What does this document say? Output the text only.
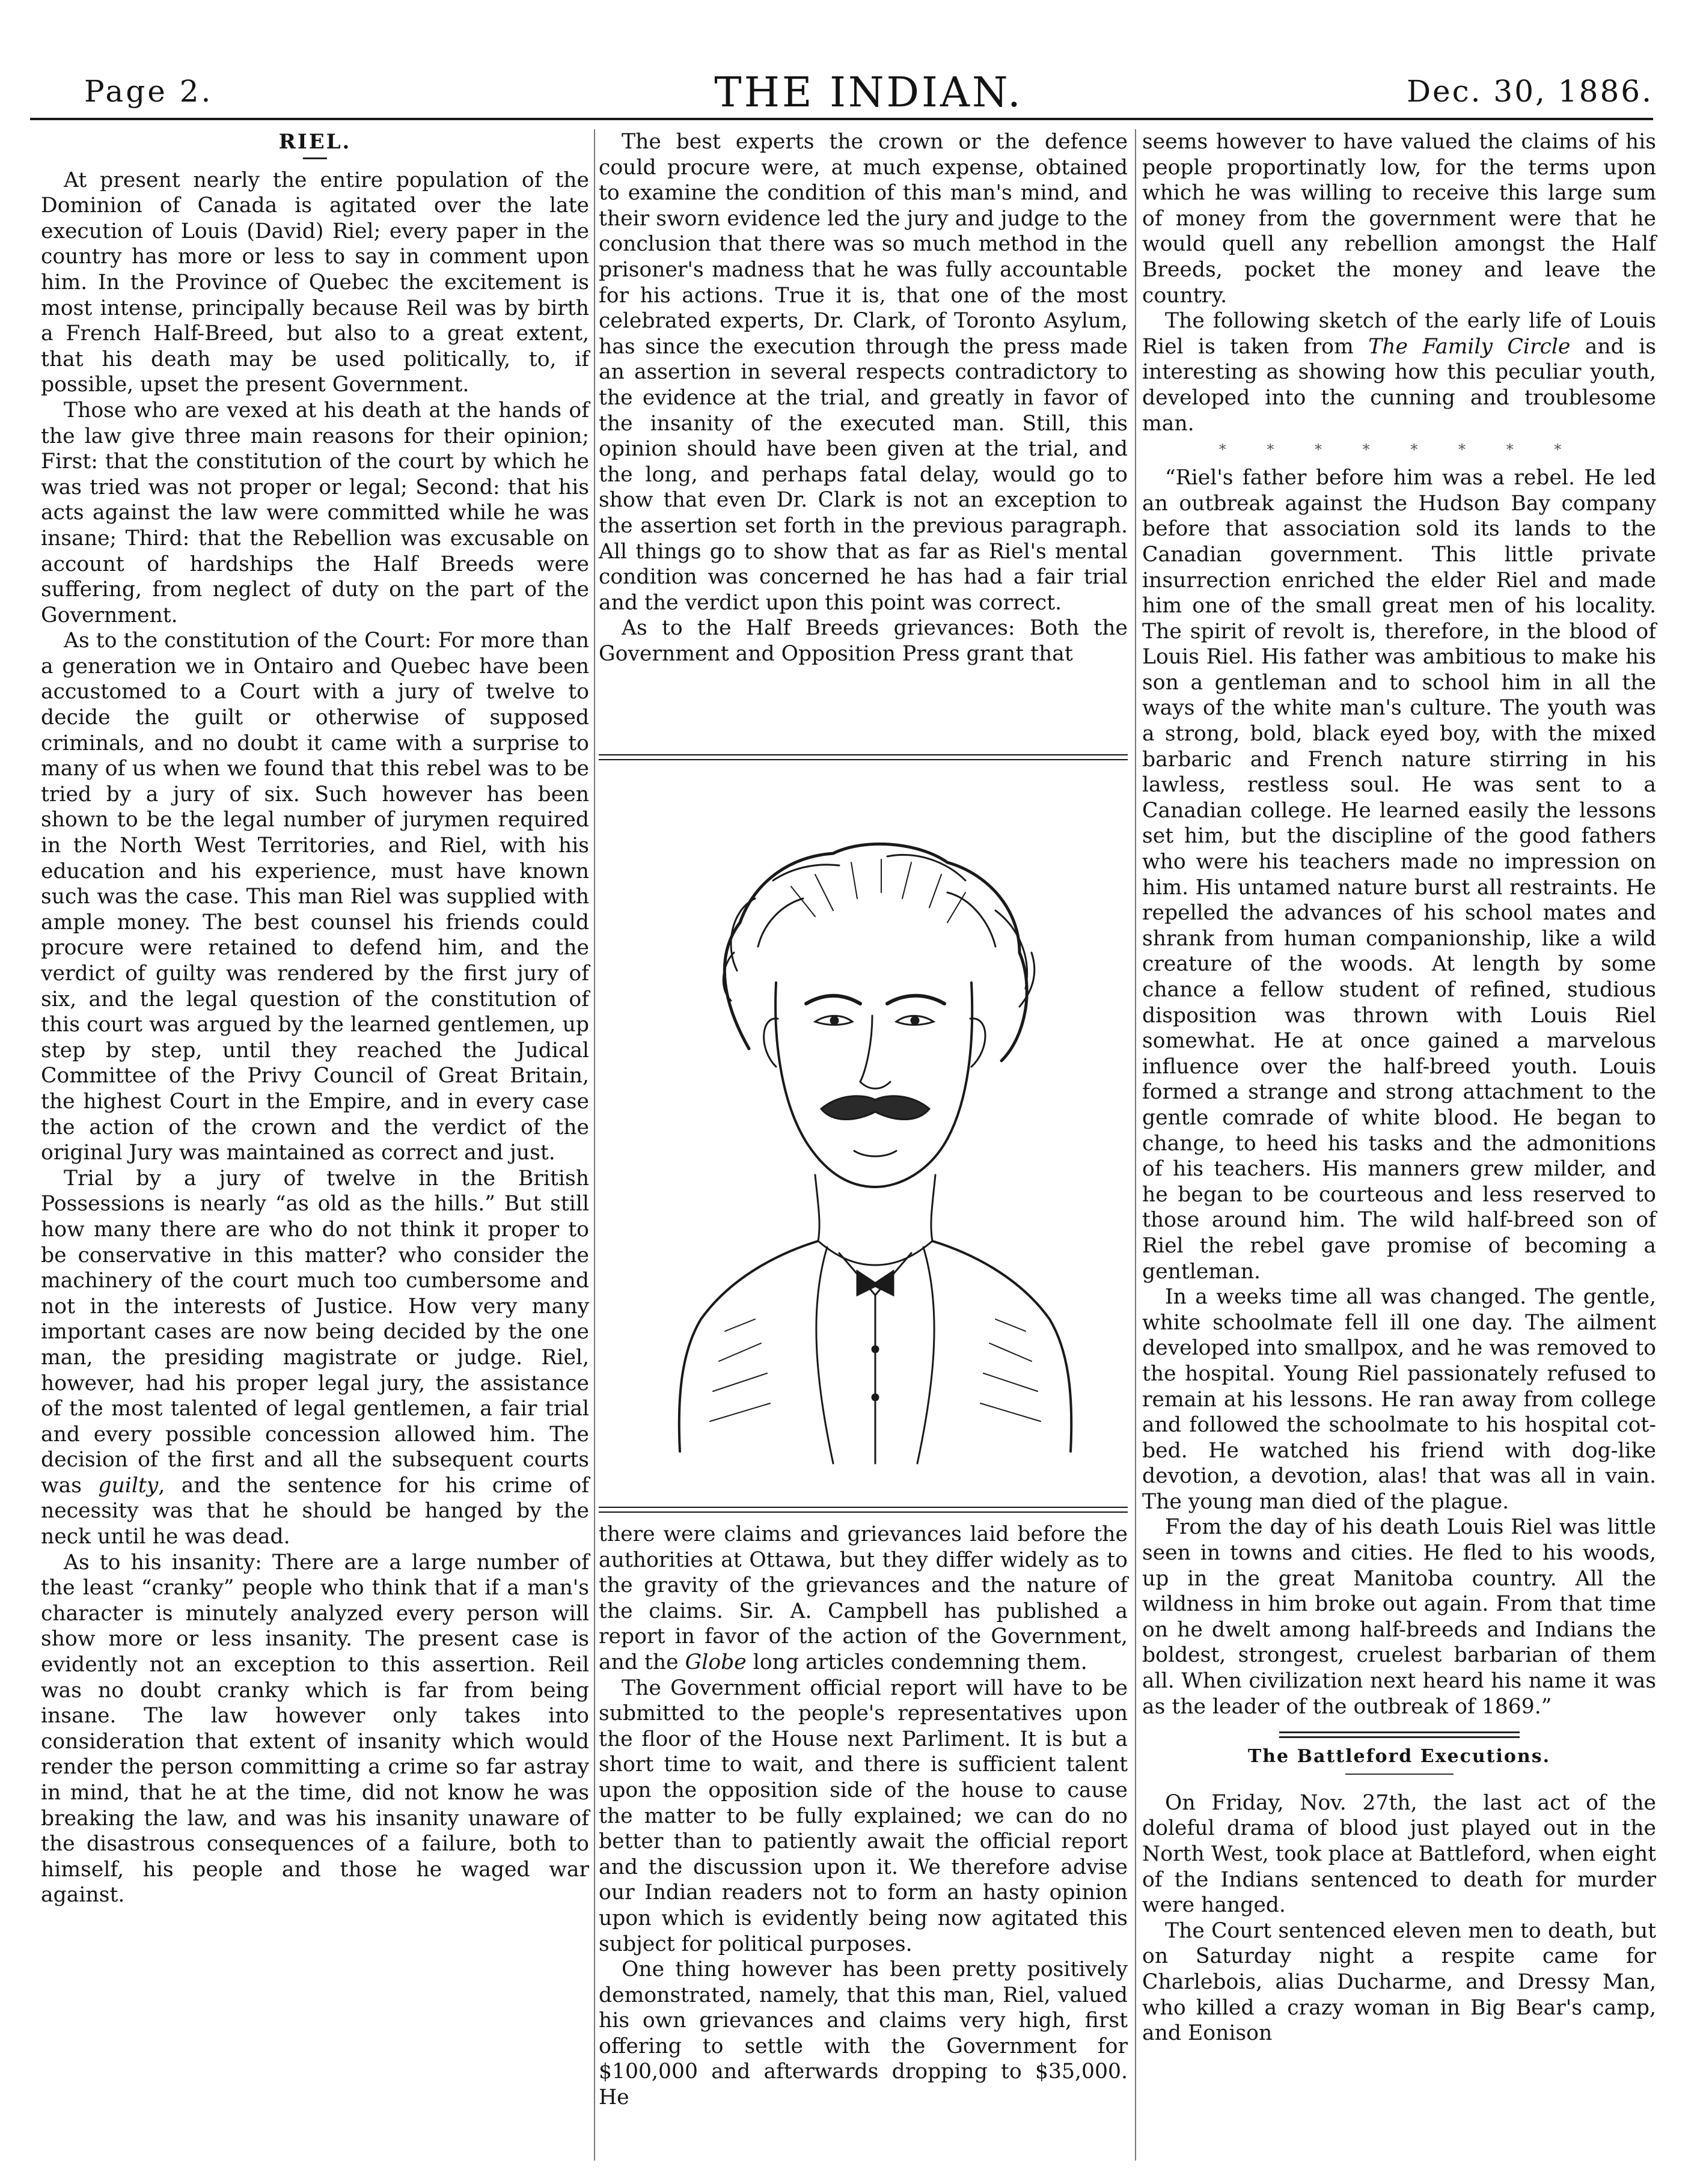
Page 2.	THE INDIAN.	Dec. 30, 1886.
RIEL.

At present nearly the entire population of the Dominion of Canada is agitated over the late execution of Louis (David) Riel; every paper in the country has more or less to say in comment upon him. In the Province of Quebec the excitement is most intense, principally because Reil was by birth a French Half-Breed, but also to a great extent, that his death may be used politically, to, if possible, upset the present Government.

Those who are vexed at his death at the hands of the law give three main reasons for their opinion; First: that the constitution of the court by which he was tried was not proper or legal; Second: that his acts against the law were committed while he was insane; Third: that the Rebellion was excusable on account of hardships the Half Breeds were suffering, from neglect of duty on the part of the Government.

As to the constitution of the Court: For more than a generation we in Ontairo and Quebec have been accustomed to a Court with a jury of twelve to decide the guilt or otherwise of supposed criminals, and no doubt it came with a surprise to many of us when we found that this rebel was to be tried by a jury of six. Such however has been shown to be the legal number of jurymen required in the North West Territories, and Riel, with his education and his experience, must have known such was the case. This man Riel was supplied with ample money. The best counsel his friends could procure were retained to defend him, and the verdict of guilty was rendered by the first jury of six, and the legal question of the constitution of this court was argued by the learned gentlemen, up step by step, until they reached the Judical Committee of the Privy Council of Great Britain, the highest Court in the Empire, and in every case the action of the crown and the verdict of the original Jury was maintained as correct and just.

Trial by a jury of twelve in the British Possessions is nearly “as old as the hills.” But still how many there are who do not think it proper to be conservative in this matter? who consider the machinery of the court much too cumbersome and not in the interests of Justice. How very many important cases are now being decided by the one man, the presiding magistrate or judge. Riel, however, had his proper legal jury, the assistance of the most talented of legal gentlemen, a fair trial and every possible concession allowed him. The decision of the first and all the subsequent courts was guilty, and the sentence for his crime of necessity was that he should be hanged by the neck until he was dead.

As to his insanity: There are a large number of the least “cranky” people who think that if a man's character is minutely analyzed every person will show more or less insanity. The present case is evidently not an exception to this assertion. Reil was no doubt cranky which is far from being insane. The law however only takes into consideration that extent of insanity which would render the person committing a crime so far astray in mind, that he at the time, did not know he was breaking the law, and was his insanity unaware of the disastrous consequences of a failure, both to himself, his people and those he waged war against.

The best experts the crown or the defence could procure were, at much expense, obtained to examine the condition of this man's mind, and their sworn evidence led the jury and judge to the conclusion that there was so much method in the prisoner's madness that he was fully accountable for his actions. True it is, that one of the most celebrated experts, Dr. Clark, of Toronto Asylum, has since the execution through the press made an assertion in several respects contradictory to the evidence at the trial, and greatly in favor of the insanity of the executed man. Still, this opinion should have been given at the trial, and the long, and perhaps fatal delay, would go to show that even Dr. Clark is not an exception to the assertion set forth in the previous paragraph. All things go to show that as far as Riel's mental condition was concerned he has had a fair trial and the verdict upon this point was correct.

As to the Half Breeds grievances: Both the Government and Opposition Press grant that

there were claims and grievances laid before the authorities at Ottawa, but they differ widely as to the gravity of the grievances and the nature of the claims. Sir. A. Campbell has published a report in favor of the action of the Government, and the Globe long articles condemning them.

The Government official report will have to be submitted to the people's representatives upon the floor of the House next Parliment. It is but a short time to wait, and there is sufficient talent upon the opposition side of the house to cause the matter to be fully explained; we can do no better than to patiently await the official report and the discussion upon it. We therefore advise our Indian readers not to form an hasty opinion upon which is evidently being now agitated this subject for political purposes.

One thing however has been pretty positively demonstrated, namely, that this man, Riel, valued his own grievances and claims very high, first offering to settle with the Government for $100,000 and afterwards dropping to $35,000. He

seems however to have valued the claims of his people proportinatly low, for the terms upon which he was willing to receive this large sum of money from the government were that he would quell any rebellion amongst the Half Breeds, pocket the money and leave the country.

The following sketch of the early life of Louis Riel is taken from The Family Circle and is interesting as showing how this peculiar youth, developed into the cunning and troublesome man.

* * * * * * * *

“Riel's father before him was a rebel. He led an outbreak against the Hudson Bay company before that association sold its lands to the Canadian government. This little private insurrection enriched the elder Riel and made him one of the small great men of his locality. The spirit of revolt is, therefore, in the blood of Louis Riel. His father was ambitious to make his son a gentleman and to school him in all the ways of the white man's culture. The youth was a strong, bold, black eyed boy, with the mixed barbaric and French nature stirring in his lawless, restless soul. He was sent to a Canadian college. He learned easily the lessons set him, but the discipline of the good fathers who were his teachers made no impression on him. His untamed nature burst all restraints. He repelled the advances of his school mates and shrank from human companionship, like a wild creature of the woods. At length by some chance a fellow student of refined, studious disposition was thrown with Louis Riel somewhat. He at once gained a marvelous influence over the half-breed youth. Louis formed a strange and strong attachment to the gentle comrade of white blood. He began to change, to heed his tasks and the admonitions of his teachers. His manners grew milder, and he began to be courteous and less reserved to those around him. The wild half-breed son of Riel the rebel gave promise of becoming a gentleman.

In a weeks time all was changed. The gentle, white schoolmate fell ill one day. The ailment developed into smallpox, and he was removed to the hospital. Young Riel passionately refused to remain at his lessons. He ran away from college and followed the schoolmate to his hospital cot-bed. He watched his friend with dog-like devotion, a devotion, alas! that was all in vain. The young man died of the plague.

From the day of his death Louis Riel was little seen in towns and cities. He fled to his woods, up in the great Manitoba country. All the wildness in him broke out again. From that time on he dwelt among half-breeds and Indians the boldest, strongest, cruelest barbarian of them all. When civilization next heard his name it was as the leader of the outbreak of 1869.”

The Battleford Executions.

On Friday, Nov. 27th, the last act of the doleful drama of blood just played out in the North West, took place at Battleford, when eight of the Indians sentenced to death for murder were hanged.

The Court sentenced eleven men to death, but on Saturday night a respite came for Charlebois, alias Ducharme, and Dressy Man, who killed a crazy woman in Big Bear's camp, and Eonison
